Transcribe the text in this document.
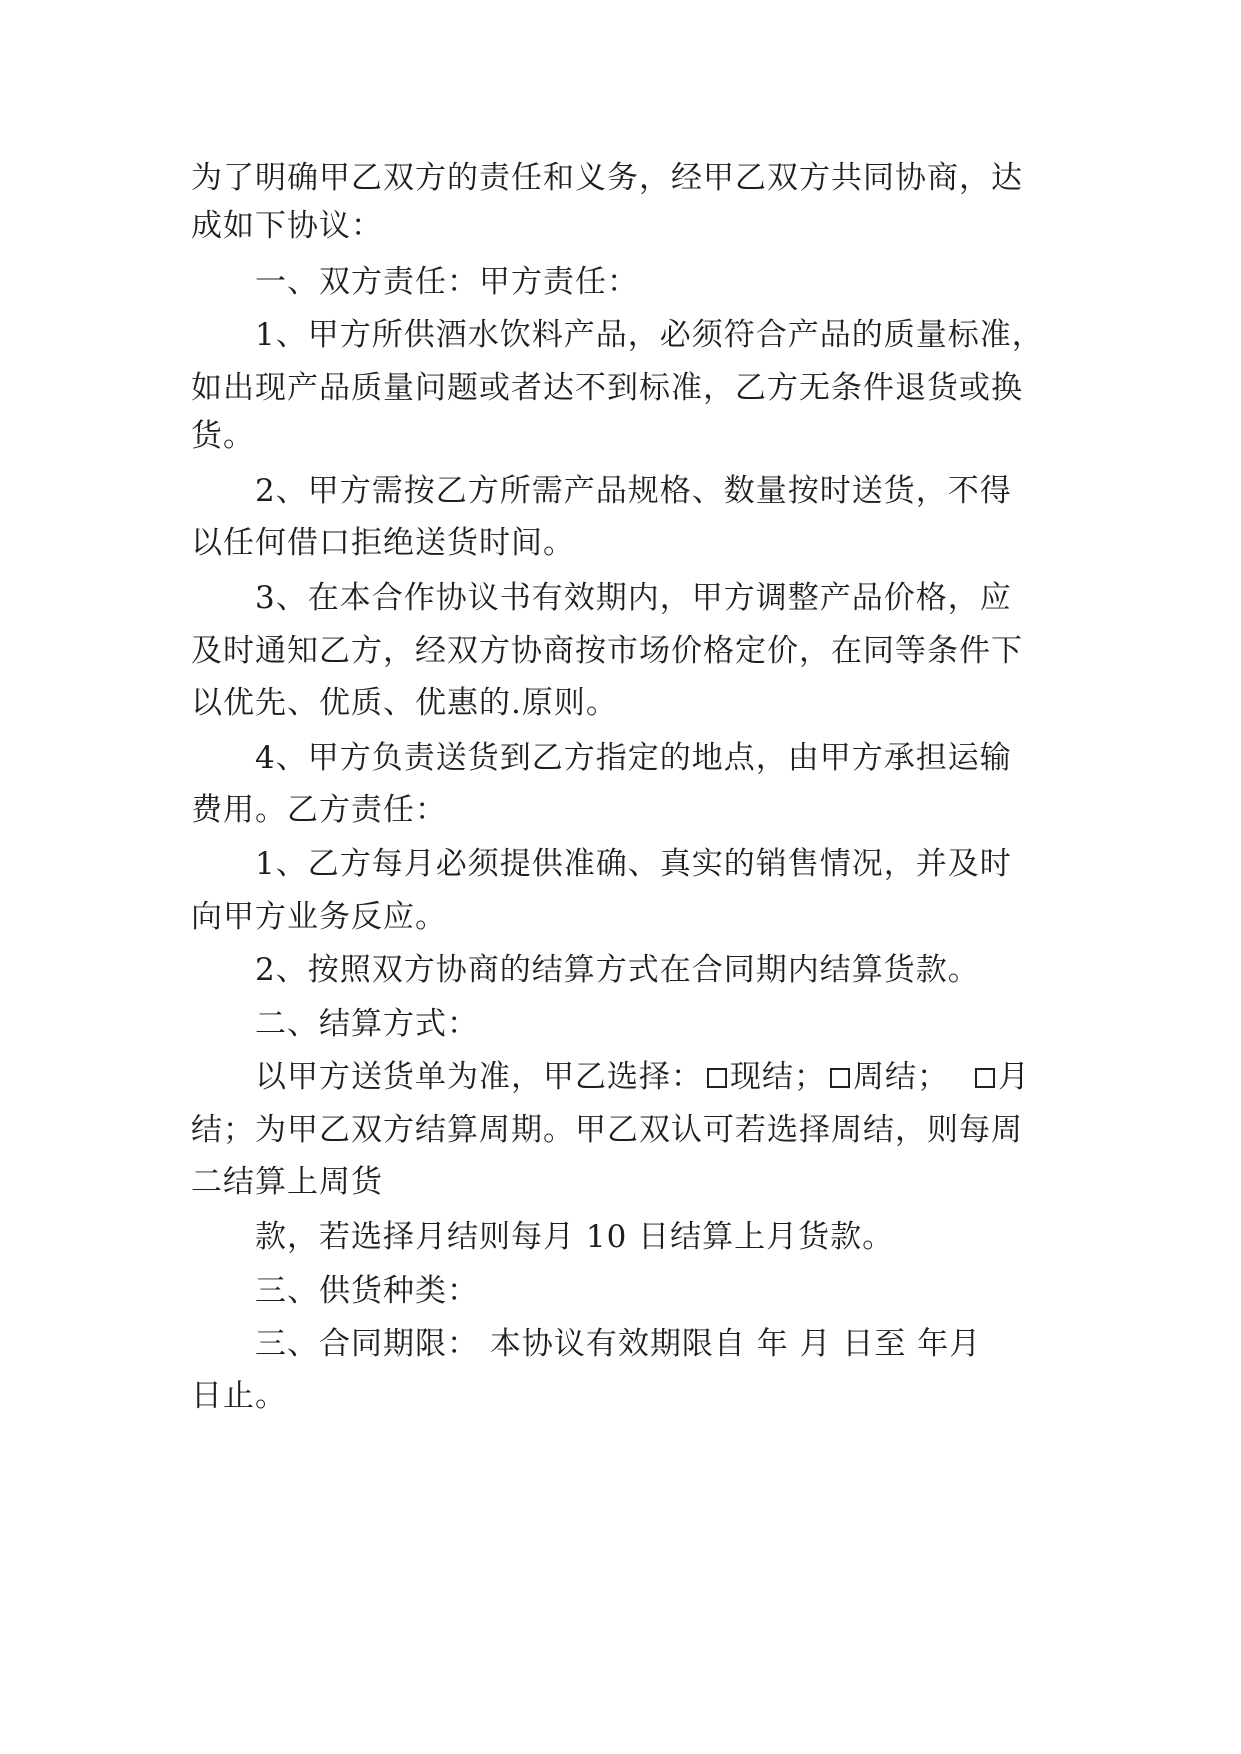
为了明确甲乙双方的责任和义务，经甲乙双方共同协商，达
成如下协议：
一、双方责任：甲方责任：
1、甲方所供酒水饮料产品，必须符合产品的质量标准，
如出现产品质量问题或者达不到标准，乙方无条件退货或换
货。
2、甲方需按乙方所需产品规格、数量按时送货，不得
以任何借口拒绝送货时间。
3、在本合作协议书有效期内，甲方调整产品价格，应
及时通知乙方，经双方协商按市场价格定价，在同等条件下
以优先、优质、优惠的.原则。
4、甲方负责送货到乙方指定的地点，由甲方承担运输
费用。乙方责任：
1、乙方每月必须提供准确、真实的销售情况，并及时
向甲方业务反应。
2、按照双方协商的结算方式在合同期内结算货款。
二、结算方式：
以甲方送货单为准，甲乙选择： 现结； 周结； 月
结；为甲乙双方结算周期。甲乙双认可若选择周结，则每周
二结算上周货
款，若选择月结则每月 10 日结算上月货款。
三、供货种类：
三、合同期限： 本协议有效期限自 年 月 日至 年月
日止。
